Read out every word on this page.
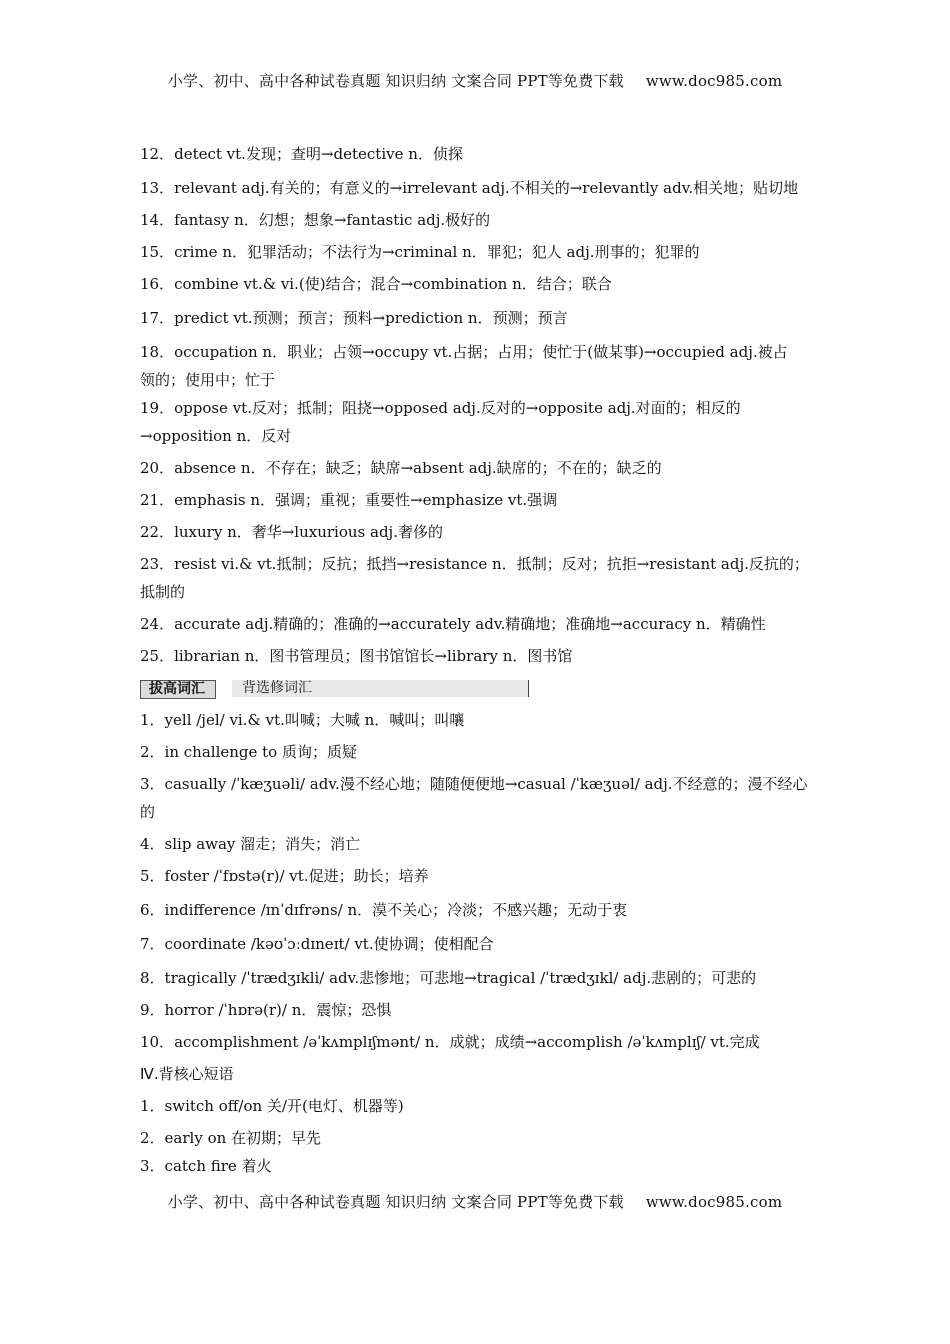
小学、初中、高中各种试卷真题 知识归纳 文案合同 PPT等免费下载 www.doc985.com
12．detect vt.发现；查明→detective n．侦探
13．relevant adj.有关的；有意义的→irrelevant adj.不相关的→relevantly adv.相关地；贴切地
14．fantasy n．幻想；想象→fantastic adj.极好的
15．crime n．犯罪活动；不法行为→criminal n．罪犯；犯人 adj.刑事的；犯罪的
16．combine vt.& vi.(使)结合；混合→combination n．结合；联合
17．predict vt.预测；预言；预料→prediction n．预测；预言
18．occupation n．职业；占领→occupy vt.占据；占用；使忙于(做某事)→occupied adj.被占
领的；使用中；忙于
19．oppose vt.反对；抵制；阻挠→opposed adj.反对的→opposite adj.对面的；相反的
→opposition n．反对
20．absence n．不存在；缺乏；缺席→absent adj.缺席的；不在的；缺乏的
21．emphasis n．强调；重视；重要性→emphasize vt.强调
22．luxury n．奢华→luxurious adj.奢侈的
23．resist vi.& vt.抵制；反抗；抵挡→resistance n．抵制；反对；抗拒→resistant adj.反抗的；
抵制的
24．accurate adj.精确的；准确的→accurately adv.精确地；准确地→accuracy n．精确性
25．librarian n．图书管理员；图书馆馆长→library n．图书馆
拔高词汇	背选修词汇
1．yell /jel/ vi.& vt.叫喊；大喊 n．喊叫；叫嚷
2．in challenge to 质询；质疑
3．casually /ˈkæʒuəli/ adv.漫不经心地；随随便便地→casual /ˈkæʒuəl/ adj.不经意的；漫不经心
的
4．slip away 溜走；消失；消亡
5．foster /ˈfɒstə(r)/ vt.促进；助长；培养
6．indifference /ɪnˈdɪfrəns/ n．漠不关心；冷淡；不感兴趣；无动于衷
7．coordinate /kəʊˈɔːdɪneɪt/ vt.使协调；使相配合
8．tragically /ˈtrædʒɪkli/ adv.悲惨地；可悲地→tragical /ˈtrædʒɪkl/ adj.悲剧的；可悲的
9．horror /ˈhɒrə(r)/ n．震惊；恐惧
10．accomplishment /əˈkʌmplɪʃmənt/ n．成就；成绩→accomplish /əˈkʌmplɪʃ/ vt.完成
Ⅳ.背核心短语
1．switch off/on 关/开(电灯、机器等)
2．early on 在初期；早先
3．catch fire 着火
小学、初中、高中各种试卷真题 知识归纳 文案合同 PPT等免费下载 www.doc985.com
